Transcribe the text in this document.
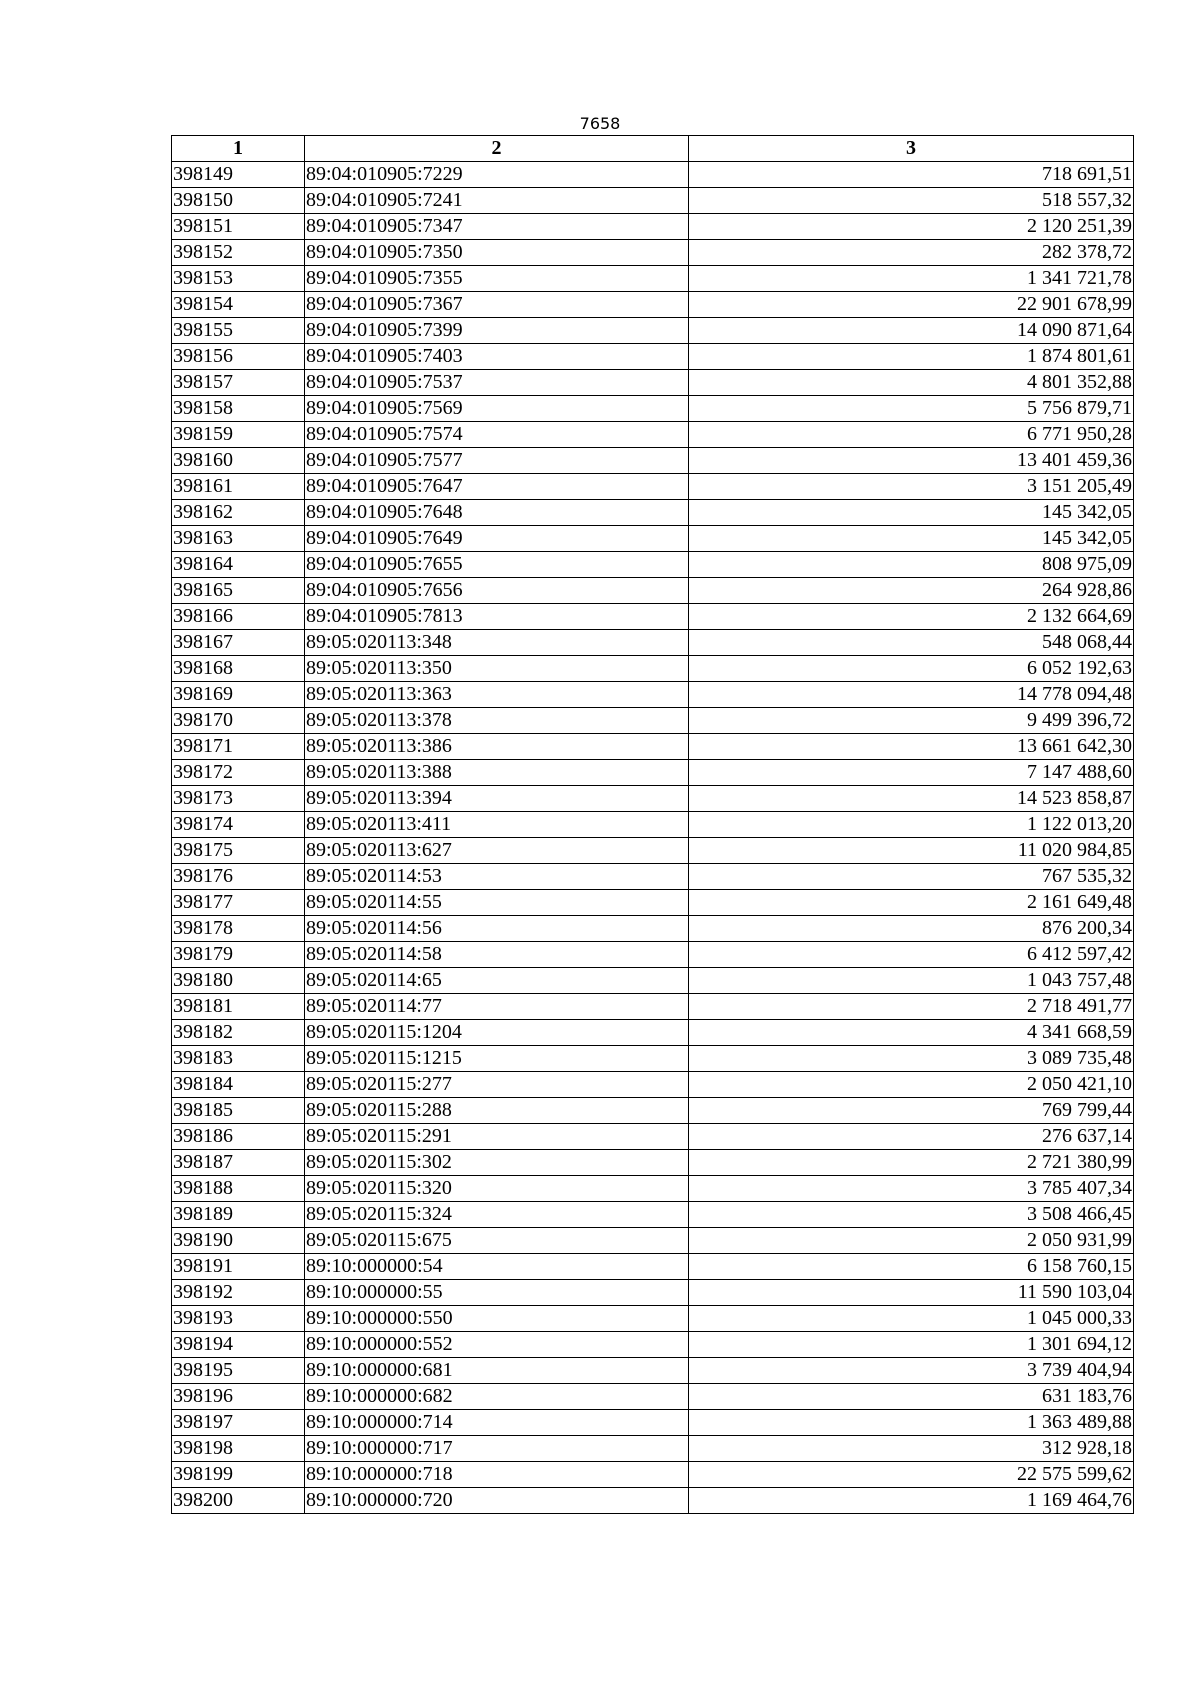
7658
1	2	3
398149	89:04:010905:7229	718 691,51
398150	89:04:010905:7241	518 557,32
398151	89:04:010905:7347	2 120 251,39
398152	89:04:010905:7350	282 378,72
398153	89:04:010905:7355	1 341 721,78
398154	89:04:010905:7367	22 901 678,99
398155	89:04:010905:7399	14 090 871,64
398156	89:04:010905:7403	1 874 801,61
398157	89:04:010905:7537	4 801 352,88
398158	89:04:010905:7569	5 756 879,71
398159	89:04:010905:7574	6 771 950,28
398160	89:04:010905:7577	13 401 459,36
398161	89:04:010905:7647	3 151 205,49
398162	89:04:010905:7648	145 342,05
398163	89:04:010905:7649	145 342,05
398164	89:04:010905:7655	808 975,09
398165	89:04:010905:7656	264 928,86
398166	89:04:010905:7813	2 132 664,69
398167	89:05:020113:348	548 068,44
398168	89:05:020113:350	6 052 192,63
398169	89:05:020113:363	14 778 094,48
398170	89:05:020113:378	9 499 396,72
398171	89:05:020113:386	13 661 642,30
398172	89:05:020113:388	7 147 488,60
398173	89:05:020113:394	14 523 858,87
398174	89:05:020113:411	1 122 013,20
398175	89:05:020113:627	11 020 984,85
398176	89:05:020114:53	767 535,32
398177	89:05:020114:55	2 161 649,48
398178	89:05:020114:56	876 200,34
398179	89:05:020114:58	6 412 597,42
398180	89:05:020114:65	1 043 757,48
398181	89:05:020114:77	2 718 491,77
398182	89:05:020115:1204	4 341 668,59
398183	89:05:020115:1215	3 089 735,48
398184	89:05:020115:277	2 050 421,10
398185	89:05:020115:288	769 799,44
398186	89:05:020115:291	276 637,14
398187	89:05:020115:302	2 721 380,99
398188	89:05:020115:320	3 785 407,34
398189	89:05:020115:324	3 508 466,45
398190	89:05:020115:675	2 050 931,99
398191	89:10:000000:54	6 158 760,15
398192	89:10:000000:55	11 590 103,04
398193	89:10:000000:550	1 045 000,33
398194	89:10:000000:552	1 301 694,12
398195	89:10:000000:681	3 739 404,94
398196	89:10:000000:682	631 183,76
398197	89:10:000000:714	1 363 489,88
398198	89:10:000000:717	312 928,18
398199	89:10:000000:718	22 575 599,62
398200	89:10:000000:720	1 169 464,76
